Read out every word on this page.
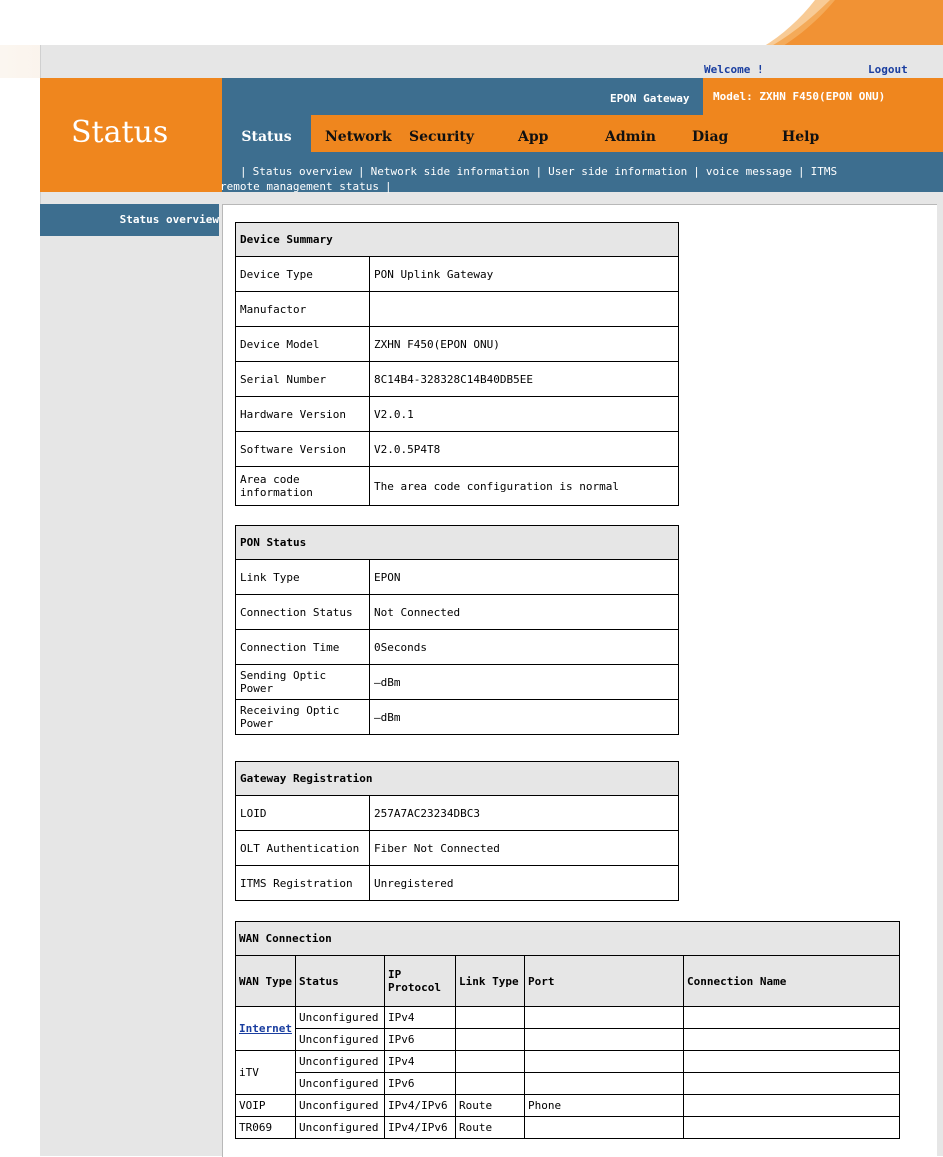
Welcome !	Logout
Status
EPON Gateway	Model: ZXHN F450(EPON ONU)
Status	Network Security	App	Admin	Diag	Help
| Status overview | Network side information | User side information | voice message | ITMS
remote management status |
Status overview
Device Summary	
Device Type	PON Uplink Gateway
Manufactor	
Device Model	ZXHN F450(EPON ONU)
Serial Number	8C14B4-328328C14B40DB5EE
Hardware Version	V2.0.1
Software Version	V2.0.5P4T8
Area code information	The area code configuration is normal
PON Status	
Link Type	EPON
Connection Status	Not Connected
Connection Time	0Seconds
Sending Optic Power	—dBm
Receiving Optic Power	—dBm
Gateway Registration	
LOID	257A7AC23234DBC3
OLT Authentication	Fiber Not Connected
ITMS Registration	Unregistered
WAN Connection					
WAN Type	Status	IP Protocol	Link Type	Port	Connection Name
Internet	Unconfigured	IPv4			
	Unconfigured	IPv6			
iTV	Unconfigured	IPv4			
	Unconfigured	IPv6			
VOIP	Unconfigured	IPv4/IPv6	Route	Phone	
TR069	Unconfigured	IPv4/IPv6	Route		
